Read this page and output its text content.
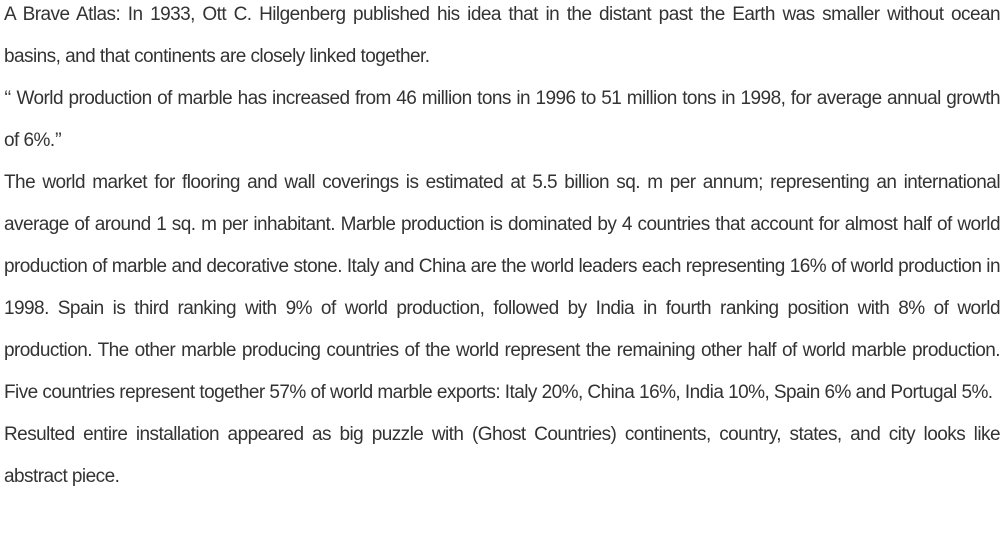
A Brave Atlas: In 1933, Ott C. Hilgenberg published his idea that in the distant past the Earth was smaller without ocean basins, and that continents are closely linked together.

‘‘ World production of marble has increased from 46 million tons in 1996 to 51 million tons in 1998, for average annual growth of 6%.’’

The world market for flooring and wall coverings is estimated at 5.5 billion sq. m per annum; representing an international average of around 1 sq. m per inhabitant. Marble production is dominated by 4 countries that account for almost half of world production of marble and decorative stone. Italy and China are the world leaders each representing 16% of world production in 1998. Spain is third ranking with 9% of world production, followed by India in fourth ranking position with 8% of world production. The other marble producing countries of the world represent the remaining other half of world marble production. Five countries represent together 57% of world marble exports: Italy 20%, China 16%, India 10%, Spain 6% and Portugal 5%.

Resulted entire installation appeared as big puzzle with (Ghost Countries) continents, country, states, and city looks like abstract piece.
